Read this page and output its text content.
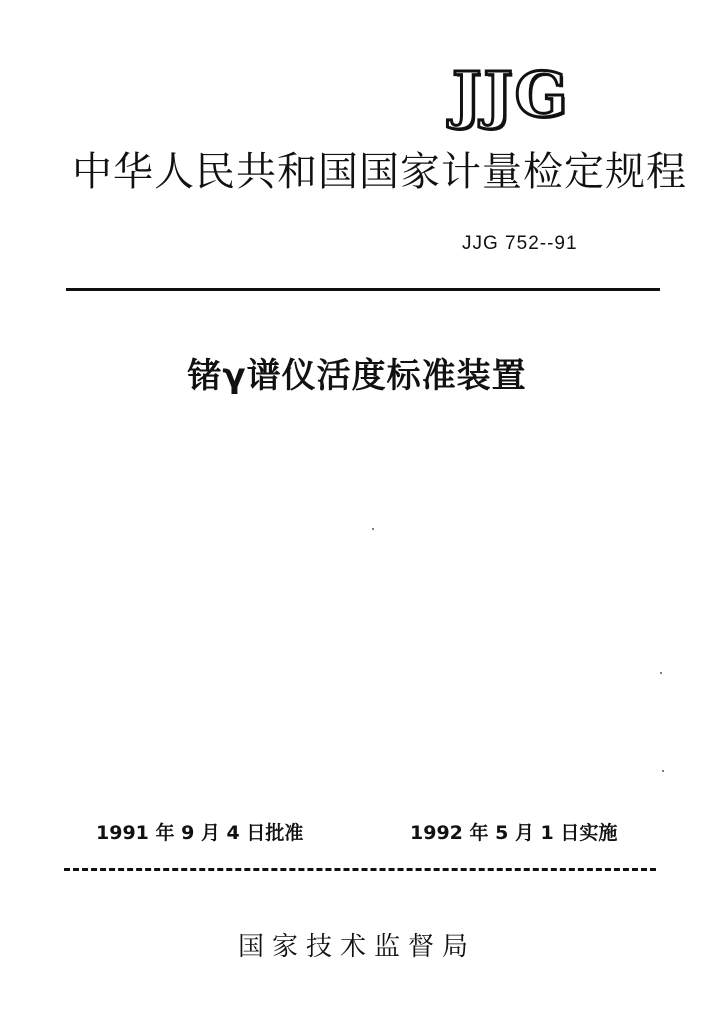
JJG
中华人民共和国国家计量检定规程
JJG 752--91
锗γ谱仪活度标准装置
1991 年 9 月 4 日批准	1992 年 5 月 1 日实施
国家技术监督局
